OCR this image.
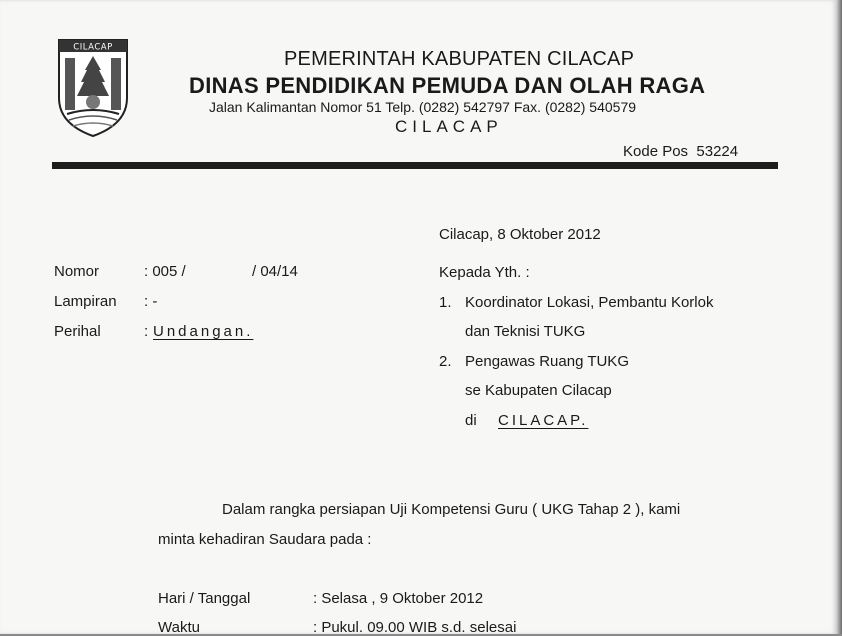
CILACAP
PEMERINTAH KABUPATEN CILACAP
DINAS PENDIDIKAN PEMUDA DAN OLAH RAGA
Jalan Kalimantan Nomor 51 Telp. (0282) 542797 Fax. (0282) 540579
CILACAP
Kode Pos 53224
Cilacap, 8 Oktober 2012
Nomor	: 005 /	/ 04/14
Lampiran : -
Perihal	: Undangan.
Kepada Yth. :
1. Koordinator Lokasi, Pembantu Korlok
dan Teknisi TUKG
2. Pengawas Ruang TUKG
se Kabupaten Cilacap
di CILACAP.
Dalam rangka persiapan Uji Kompetensi Guru ( UKG Tahap 2 ), kami
minta kehadiran Saudara pada :
Hari / Tanggal	: Selasa , 9 Oktober 2012
Waktu	: Pukul. 09.00 WIB s.d. selesai
